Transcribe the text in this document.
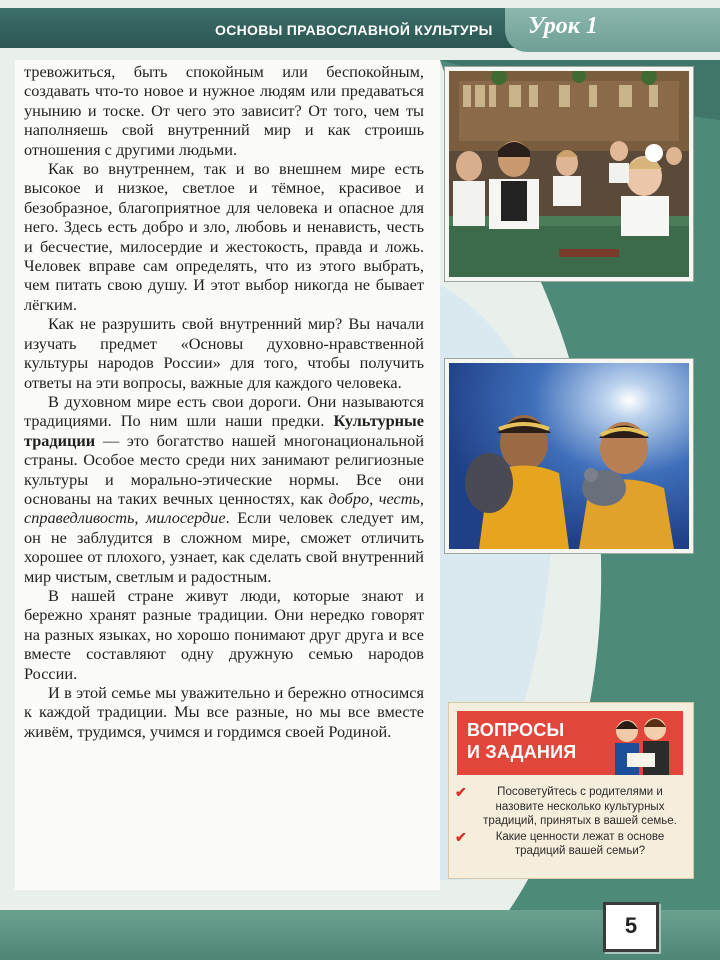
ОСНОВЫ ПРАВОСЛАВНОЙ КУЛЬТУРЫ Урок 1

тревожиться, быть спокойным или беспокойным, создавать что-то новое и нужное людям или предаваться унынию и тоске. От чего это зависит? От того, чем ты наполняешь свой внутренний мир и как строишь отношения с другими людьми.

Как во внутреннем, так и во внешнем мире есть высокое и низкое, светлое и тёмное, красивое и безобразное, благоприятное для человека и опасное для него. Здесь есть добро и зло, любовь и ненависть, честь и бесчестие, милосердие и жестокость, правда и ложь. Человек вправе сам определять, что из этого выбрать, чем питать свою душу. И этот выбор никогда не бывает лёгким.

Как не разрушить свой внутренний мир? Вы начали изучать предмет «Основы духовно-нравственной культуры народов России» для того, чтобы получить ответы на эти вопросы, важные для каждого человека.

В духовном мире есть свои дороги. Они называются традициями. По ним шли наши предки. Культурные традиции — это богатство нашей многонациональной страны. Особое место среди них занимают религиозные культуры и морально-этические нормы. Все они основаны на таких вечных ценностях, как добро, честь, справедливость, милосердие. Если человек следует им, он не заблудится в сложном мире, сможет отличить хорошее от плохого, узнает, как сделать свой внутренний мир чистым, светлым и радостным.

В нашей стране живут люди, которые знают и бережно хранят разные традиции. Они нередко говорят на разных языках, но хорошо понимают друг друга и все вместе составляют одну дружную семью народов России.

И в этой семье мы уважительно и бережно относимся к каждой традиции. Мы все разные, но мы все вместе живём, трудимся, учимся и гордимся своей Родиной.	ВОПРОСЫ
И ЗАДАНИЯ
✔	Посоветуйтесь с родителями и назовите несколько культурных традиций, принятых в вашей семье.
✔	Какие ценности лежат в основе традиций вашей семьи?
5
